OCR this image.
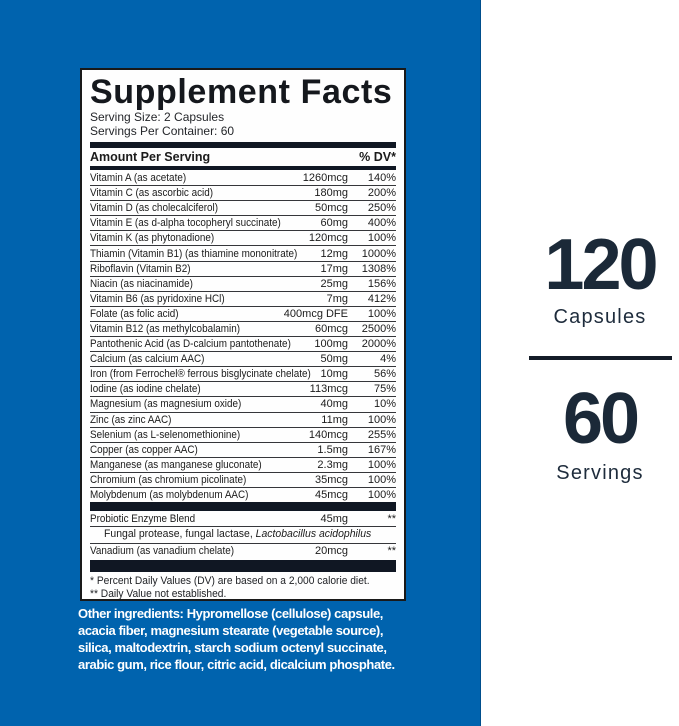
Supplement Facts
Serving Size: 2 Capsules
Servings Per Container: 60
Amount Per Serving	% DV*
Vitamin A (as acetate)	1260mcg	140%
Vitamin C (as ascorbic acid)	180mg	200%
Vitamin D (as cholecalciferol)	50mcg	250%
Vitamin E (as d-alpha tocopheryl succinate)	60mg	400%
Vitamin K (as phytonadione)	120mcg	100%
Thiamin (Vitamin B1) (as thiamine mononitrate)	12mg	1000%
Riboflavin (Vitamin B2)	17mg	1308%
Niacin (as niacinamide)	25mg	156%
Vitamin B6 (as pyridoxine HCl)	7mg	412%
Folate (as folic acid)	400mcg DFE	100%
Vitamin B12 (as methylcobalamin)	60mcg	2500%
Pantothenic Acid (as D-calcium pantothenate)	100mg	2000%
Calcium (as calcium AAC)	50mg	4%
Iron (from Ferrochel® ferrous bisglycinate chelate) 10mg	56%
Iodine (as iodine chelate)	113mcg	75%
Magnesium (as magnesium oxide)	40mg	10%
Zinc (as zinc AAC)	11mg	100%
Selenium (as L-selenomethionine)	140mcg	255%
Copper (as copper AAC)	1.5mg	167%
Manganese (as manganese gluconate)	2.3mg	100%
Chromium (as chromium picolinate)	35mcg	100%
Molybdenum (as molybdenum AAC)	45mcg	100%
Probiotic Enzyme Blend	45mg	**
Fungal protease, fungal lactase, Lactobacillus acidophilus
Vanadium (as vanadium chelate)	20mcg	**
* Percent Daily Values (DV) are based on a 2,000 calorie diet.
** Daily Value not established.

Other ingredients: Hypromellose (cellulose) capsule, acacia fiber, magnesium stearate (vegetable source), silica, maltodextrin, starch sodium octenyl succinate, arabic gum, rice flour, citric acid, dicalcium phosphate.

120
Capsules
60
Servings
